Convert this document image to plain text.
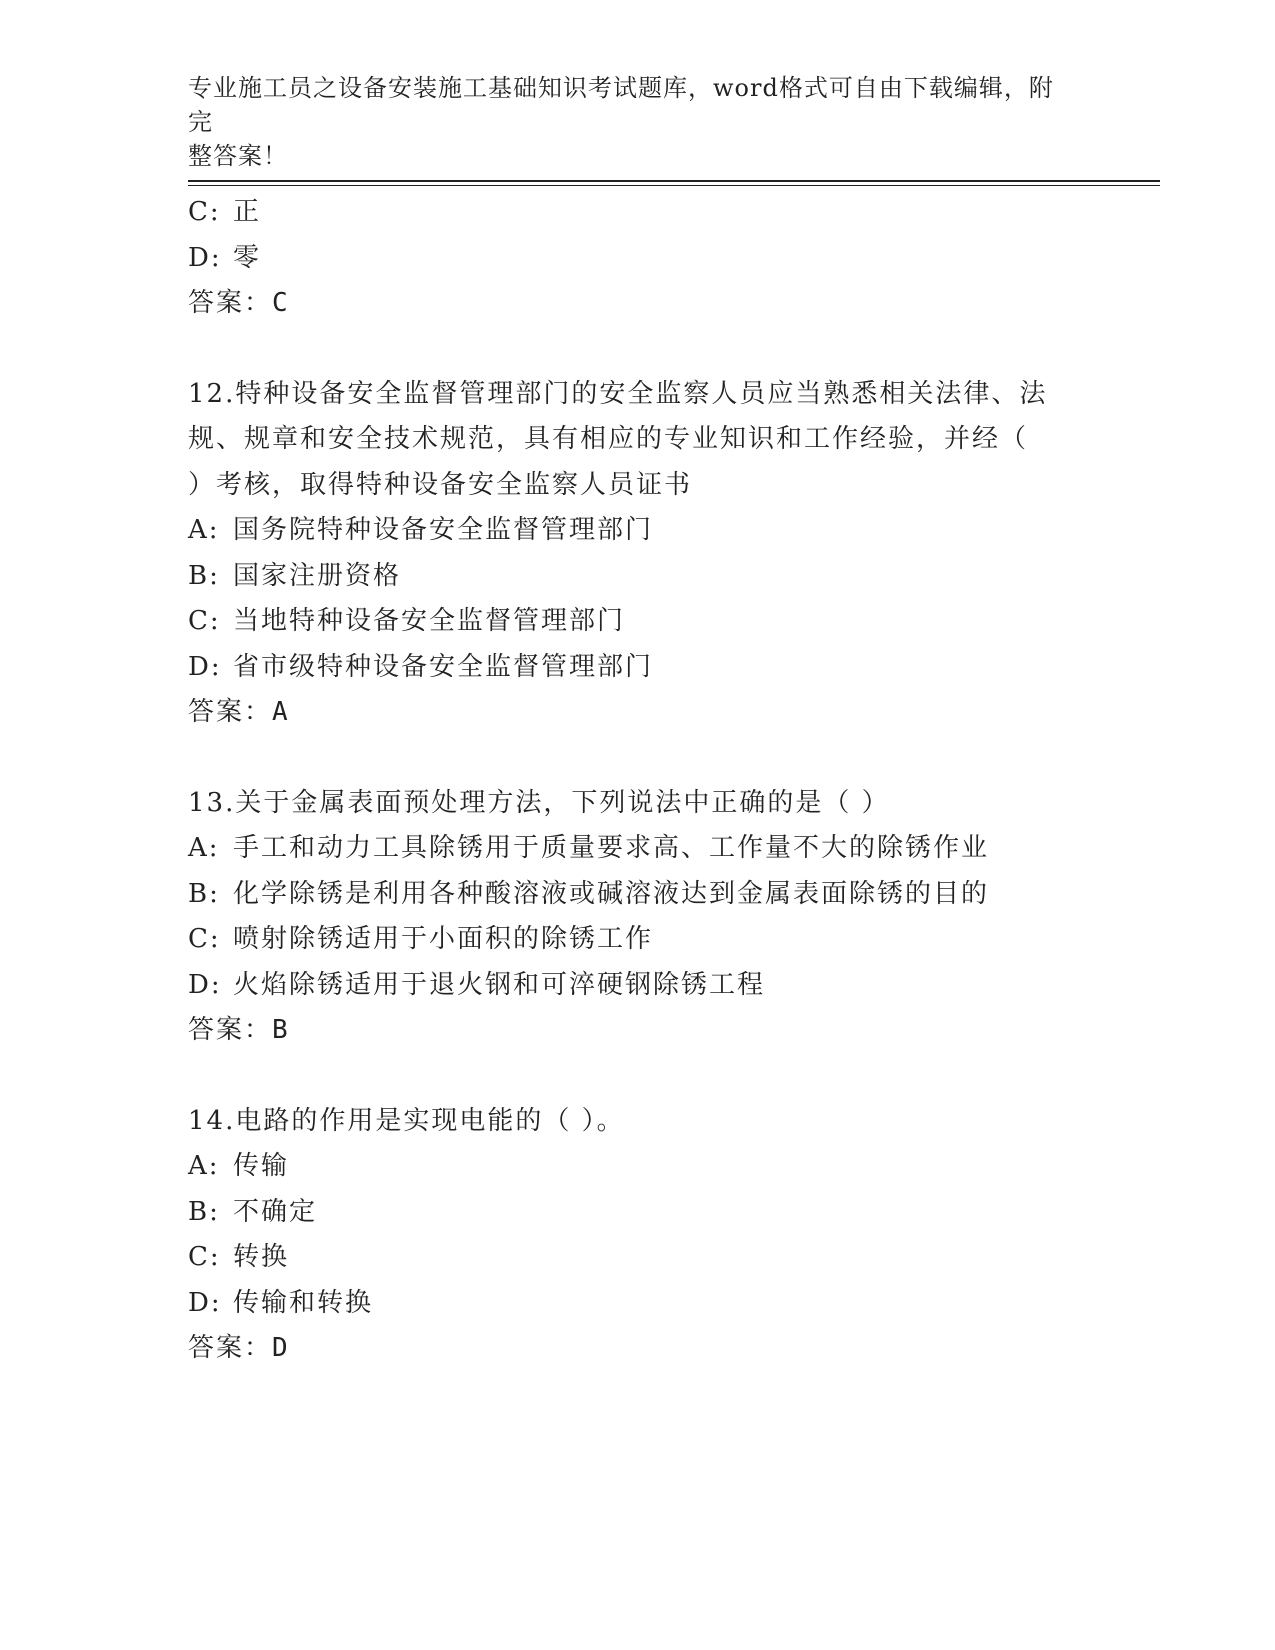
专业施工员之设备安装施工基础知识考试题库，word格式可自由下载编辑，附完
整答案！
C: 正
D: 零
答案：C
12.特种设备安全监督管理部门的安全监察人员应当熟悉相关法律、法
规、规章和安全技术规范，具有相应的专业知识和工作经验，并经（
）考核，取得特种设备安全监察人员证书
A: 国务院特种设备安全监督管理部门
B: 国家注册资格
C: 当地特种设备安全监督管理部门
D: 省市级特种设备安全监督管理部门
答案：A
13.关于金属表面预处理方法，下列说法中正确的是（ ）
A: 手工和动力工具除锈用于质量要求高、工作量不大的除锈作业
B: 化学除锈是利用各种酸溶液或碱溶液达到金属表面除锈的目的
C: 喷射除锈适用于小面积的除锈工作
D: 火焰除锈适用于退火钢和可淬硬钢除锈工程
答案：B
14.电路的作用是实现电能的（ ）。
A: 传输
B: 不确定
C: 转换
D: 传输和转换
答案：D
